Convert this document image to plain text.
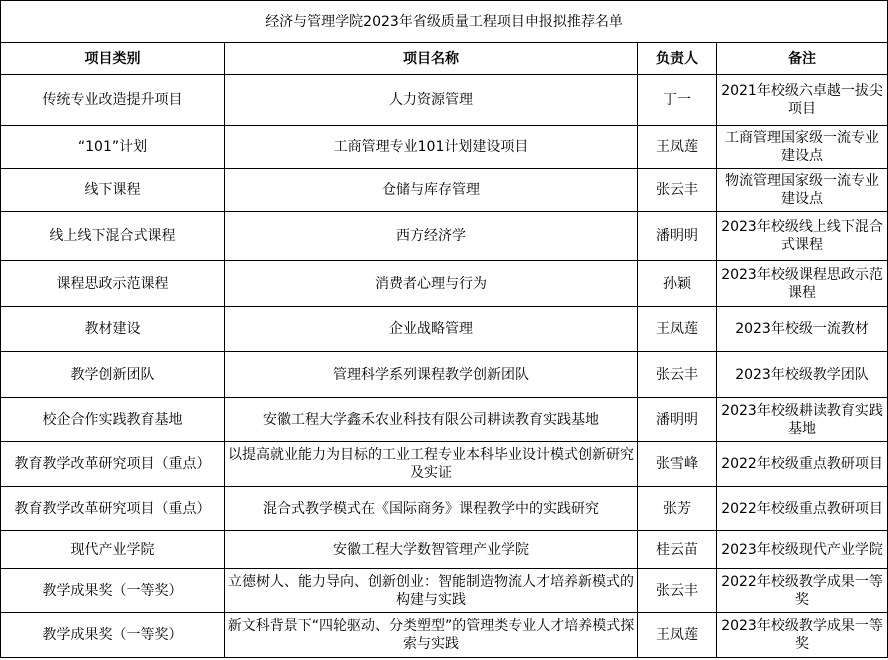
经济与管理学院2023年省级质量工程项目申报拟推荐名单			
项目类别	项目名称	负责人	备注
传统专业改造提升项目	人力资源管理	丁一	2021年校级六卓越一拔尖项目
“101”计划	工商管理专业101计划建设项目	王凤莲	工商管理国家级一流专业建设点
线下课程	仓储与库存管理	张云丰	物流管理国家级一流专业建设点
线上线下混合式课程	西方经济学	潘明明	2023年校级线上线下混合式课程
课程思政示范课程	消费者心理与行为	孙颖	2023年校级课程思政示范课程
教材建设	企业战略管理	王凤莲	2023年校级一流教材
教学创新团队	管理科学系列课程教学创新团队	张云丰	2023年校级教学团队
校企合作实践教育基地	安徽工程大学鑫禾农业科技有限公司耕读教育实践基地	潘明明	2023年校级耕读教育实践基地
教育教学改革研究项目（重点）	以提高就业能力为目标的工业工程专业本科毕业设计模式创新研究及实证	张雪峰	2022年校级重点教研项目
教育教学改革研究项目（重点）	混合式教学模式在《国际商务》课程教学中的实践研究	张芳	2022年校级重点教研项目
现代产业学院	安徽工程大学数智管理产业学院	桂云苗	2023年校级现代产业学院
教学成果奖（一等奖）	立德树人、能力导向、创新创业：智能制造物流人才培养新模式的构建与实践	张云丰	2022年校级教学成果一等奖
教学成果奖（一等奖）	新文科背景下“四轮驱动、分类塑型”的管理类专业人才培养模式探索与实践	王凤莲	2023年校级教学成果一等奖
